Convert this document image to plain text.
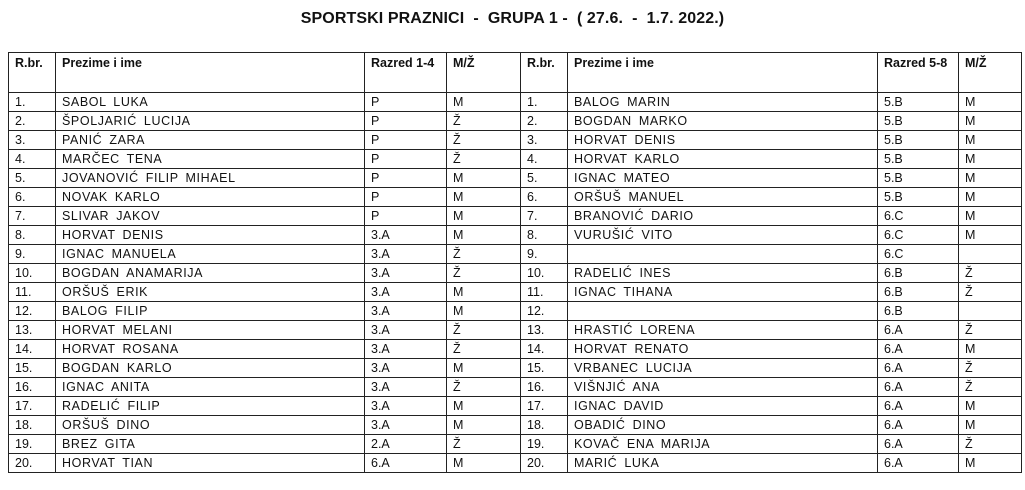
SPORTSKI PRAZNICI  -  GRUPA 1 -  ( 27.6.  -  1.7. 2022.)
R.br.	Prezime i ime	Razred 1-4	M/Ž	R.br.	Prezime i ime	Razred 5-8	M/Ž
1.	SABOL LUKA	P	M	1.	BALOG MARIN	5.B	M
2.	ŠPOLJARIĆ LUCIJA	P	Ž	2.	BOGDAN MARKO	5.B	M
3.	PANIĆ ZARA	P	Ž	3.	HORVAT DENIS	5.B	M
4.	MARČEC TENA	P	Ž	4.	HORVAT KARLO	5.B	M
5.	JOVANOVIĆ FILIP MIHAEL	P	M	5.	IGNAC MATEO	5.B	M
6.	NOVAK KARLO	P	M	6.	ORŠUŠ MANUEL	5.B	M
7.	SLIVAR JAKOV	P	M	7.	BRANOVIĆ DARIO	6.C	M
8.	HORVAT DENIS	3.A	M	8.	VURUŠIĆ VITO	6.C	M
9.	IGNAC MANUELA	3.A	Ž	9.		6.C	
10.	BOGDAN ANAMARIJA	3.A	Ž	10.	RADELIĆ INES	6.B	Ž
11.	ORŠUŠ ERIK	3.A	M	11.	IGNAC TIHANA	6.B	Ž
12.	BALOG FILIP	3.A	M	12.		6.B	
13.	HORVAT MELANI	3.A	Ž	13.	HRASTIĆ LORENA	6.A	Ž
14.	HORVAT ROSANA	3.A	Ž	14.	HORVAT RENATO	6.A	M
15.	BOGDAN KARLO	3.A	M	15.	VRBANEC LUCIJA	6.A	Ž
16.	IGNAC ANITA	3.A	Ž	16.	VIŠNJIĆ ANA	6.A	Ž
17.	RADELIĆ FILIP	3.A	M	17.	IGNAC DAVID	6.A	M
18.	ORŠUŠ DINO	3.A	M	18.	OBADIĆ DINO	6.A	M
19.	BREZ GITA	2.A	Ž	19.	KOVAČ ENA MARIJA	6.A	Ž
20.	HORVAT TIAN	6.A	M	20.	MARIĆ LUKA	6.A	M
